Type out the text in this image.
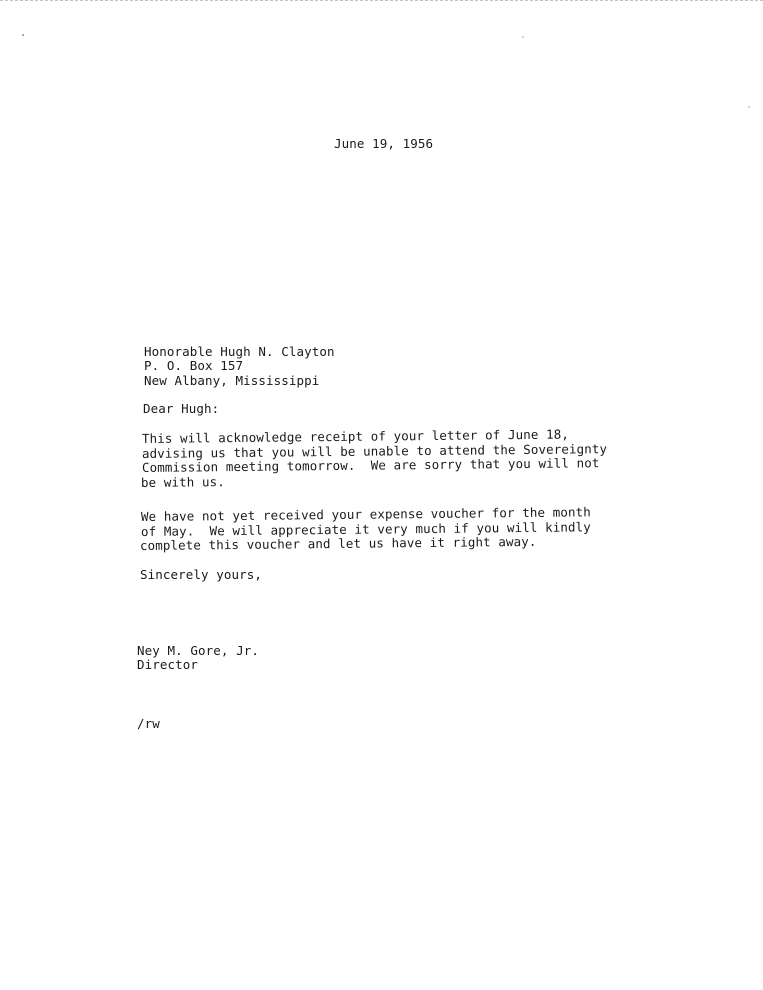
June 19, 1956
Honorable Hugh N. Clayton
P. O. Box 157
New Albany, Mississippi
Dear Hugh:
This will acknowledge receipt of your letter of June 18,
advising us that you will be unable to attend the Sovereignty
Commission meeting tomorrow.  We are sorry that you will not
be with us.
We have not yet received your expense voucher for the month
of May.  We will appreciate it very much if you will kindly
complete this voucher and let us have it right away.
Sincerely yours,
Ney M. Gore, Jr.
Director
/rw
